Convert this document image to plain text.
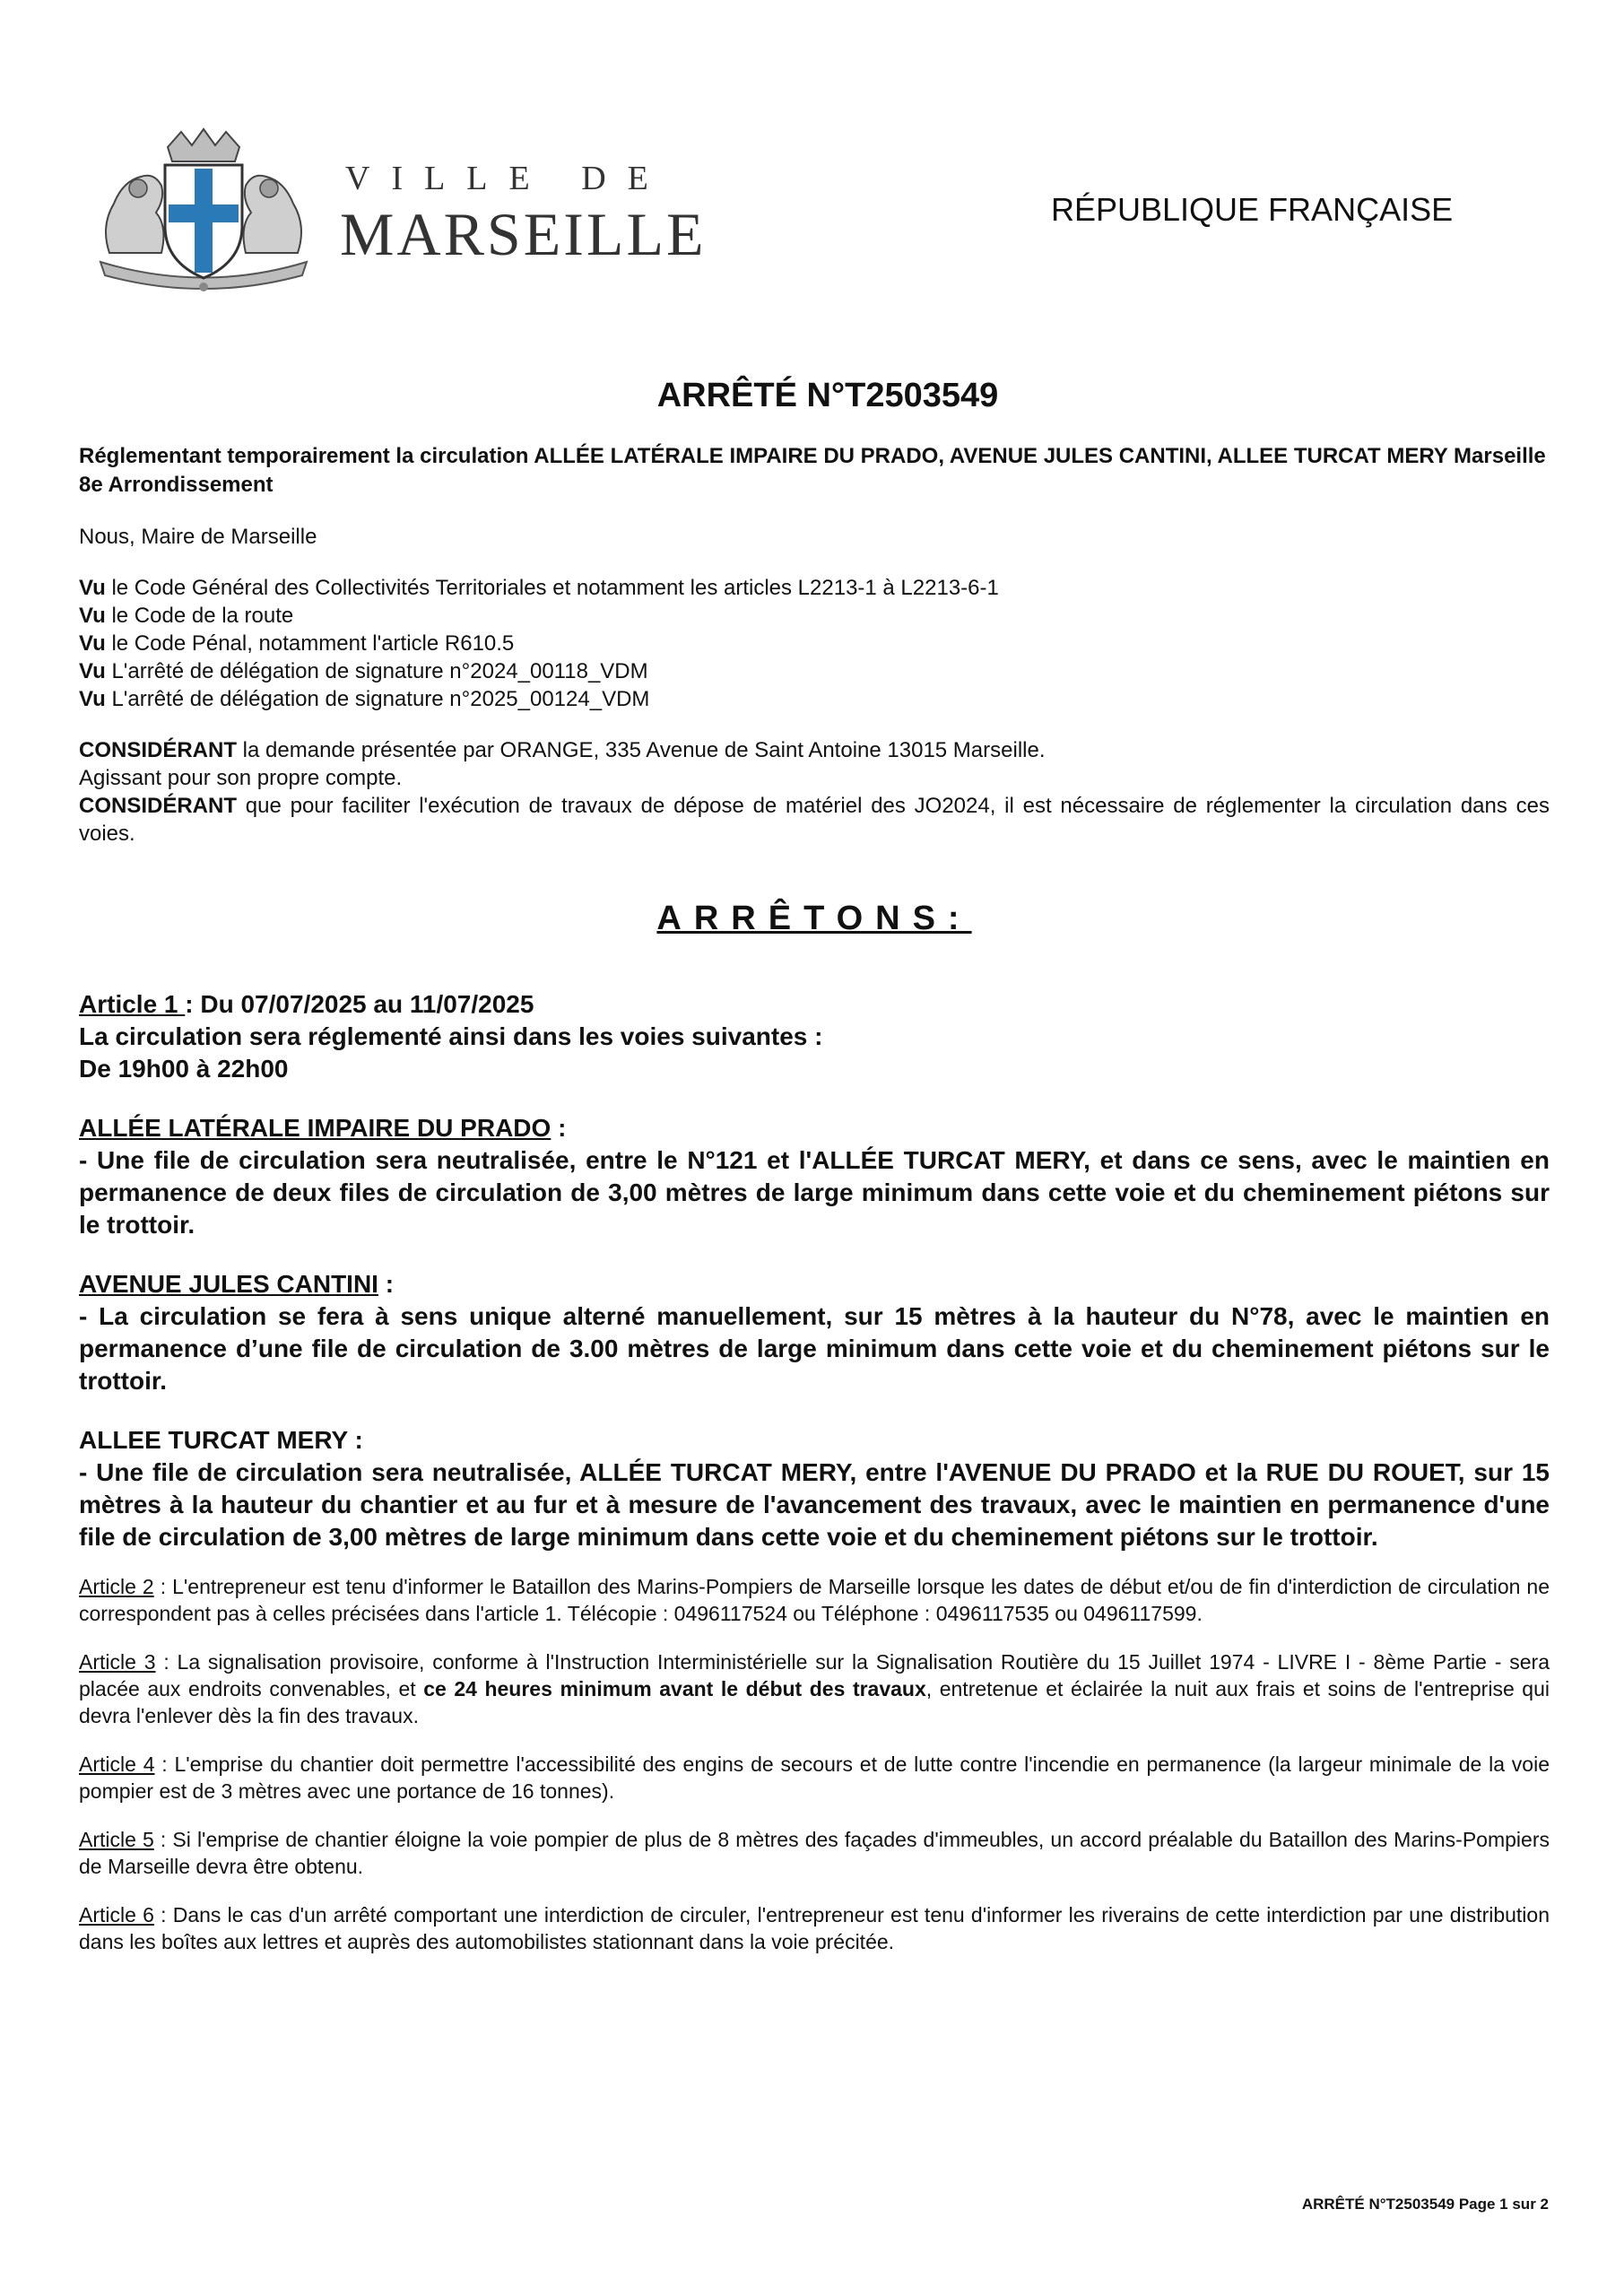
VILLE DE
MARSEILLE	RÉPUBLIQUE FRANÇAISE
ARRÊTÉ N°T2503549

Réglementant temporairement la circulation ALLÉE LATÉRALE IMPAIRE DU PRADO, AVENUE JULES CANTINI, ALLEE TURCAT MERY Marseille 8e Arrondissement

Nous, Maire de Marseille

Vu le Code Général des Collectivités Territoriales et notamment les articles L2213-1 à L2213-6-1

Vu le Code de la route

Vu le Code Pénal, notamment l'article R610.5

Vu L'arrêté de délégation de signature n°2024_00118_VDM

Vu L'arrêté de délégation de signature n°2025_00124_VDM

CONSIDÉRANT la demande présentée par ORANGE, 335 Avenue de Saint Antoine 13015 Marseille.

Agissant pour son propre compte.

CONSIDÉRANT que pour faciliter l'exécution de travaux de dépose de matériel des JO2024, il est nécessaire de réglementer la circulation dans ces voies.

ARRÊTONS:

Article 1 : Du 07/07/2025 au 11/07/2025

La circulation sera réglementé ainsi dans les voies suivantes :

De 19h00 à 22h00

ALLÉE LATÉRALE IMPAIRE DU PRADO :

- Une file de circulation sera neutralisée, entre le N°121 et l'ALLÉE TURCAT MERY, et dans ce sens, avec le maintien en permanence de deux files de circulation de 3,00 mètres de large minimum dans cette voie et du cheminement piétons sur le trottoir.

AVENUE JULES CANTINI :

- La circulation se fera à sens unique alterné manuellement, sur 15 mètres à la hauteur du N°78, avec le maintien en permanence d’une file de circulation de 3.00 mètres de large minimum dans cette voie et du cheminement piétons sur le trottoir.

ALLEE TURCAT MERY :

- Une file de circulation sera neutralisée, ALLÉE TURCAT MERY, entre l'AVENUE DU PRADO et la RUE DU ROUET, sur 15 mètres à la hauteur du chantier et au fur et à mesure de l'avancement des travaux, avec le maintien en permanence d'une file de circulation de 3,00 mètres de large minimum dans cette voie et du cheminement piétons sur le trottoir.

Article 2 : L'entrepreneur est tenu d'informer le Bataillon des Marins-Pompiers de Marseille lorsque les dates de début et/ou de fin d'interdiction de circulation ne correspondent pas à celles précisées dans l'article 1. Télécopie : 0496117524 ou Téléphone : 0496117535 ou 0496117599.

Article 3 : La signalisation provisoire, conforme à l'Instruction Interministérielle sur la Signalisation Routière du 15 Juillet 1974 - LIVRE I - 8ème Partie - sera placée aux endroits convenables, et ce 24 heures minimum avant le début des travaux, entretenue et éclairée la nuit aux frais et soins de l'entreprise qui devra l'enlever dès la fin des travaux.

Article 4 : L'emprise du chantier doit permettre l'accessibilité des engins de secours et de lutte contre l'incendie en permanence (la largeur minimale de la voie pompier est de 3 mètres avec une portance de 16 tonnes).

Article 5 : Si l'emprise de chantier éloigne la voie pompier de plus de 8 mètres des façades d'immeubles, un accord préalable du Bataillon des Marins-Pompiers de Marseille devra être obtenu.

Article 6 : Dans le cas d'un arrêté comportant une interdiction de circuler, l'entrepreneur est tenu d'informer les riverains de cette interdiction par une distribution dans les boîtes aux lettres et auprès des automobilistes stationnant dans la voie précitée.

ARRÊTÉ N°T2503549 Page 1 sur 2
